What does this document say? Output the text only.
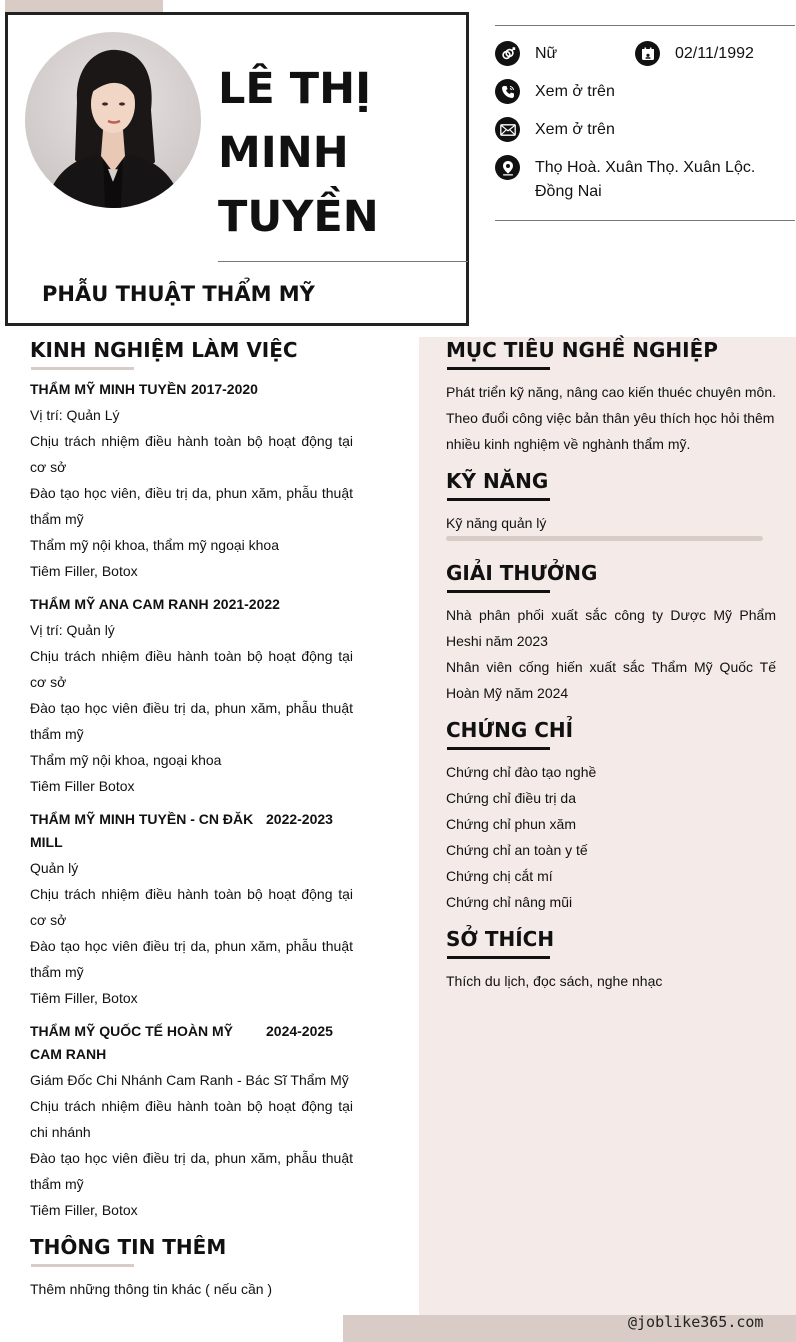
LÊ THỊ
MINH
TUYỀN
PHẪU THUẬT THẨM MỸ
Nữ	02/11/1992
Xem ở trên
Xem ở trên
Thọ Hoà. Xuân Thọ. Xuân Lộc.
Đồng Nai
KINH NGHIỆM LÀM VIỆC
THẨM MỸ MINH TUYỀN 2017-2020
Vị trí: Quản Lý
Chịu trách nhiệm điều hành toàn bộ hoạt động tại cơ sở
Đào tạo học viên, điều trị da, phun xăm, phẫu thuật thẩm mỹ
Thẩm mỹ nội khoa, thẩm mỹ ngoại khoa
Tiêm Filler, Botox
THẨM MỸ ANA CAM RANH 2021-2022
Vị trí: Quản lý
Chịu trách nhiệm điều hành toàn bộ hoạt động tại cơ sở
Đào tạo học viên điều trị da, phun xăm, phẫu thuật thẩm mỹ
Thẩm mỹ nội khoa, ngoại khoa
Tiêm Filler Botox
THẨM MỸ MINH TUYỀN - CN ĐĂK
MILL
2022-2023
Quản lý
Chịu trách nhiệm điều hành toàn bộ hoạt động tại cơ sở
Đào tạo học viên điều trị da, phun xăm, phẫu thuật thẩm mỹ
Tiêm Filler, Botox
THẨM MỸ QUỐC TẾ HOÀN MỸ
CAM RANH
2024-2025
Giám Đốc Chi Nhánh Cam Ranh - Bác Sĩ Thẩm Mỹ
Chịu trách nhiệm điều hành toàn bộ hoạt động tại chi nhánh
Đào tạo học viên điều trị da, phun xăm, phẫu thuật thẩm mỹ
Tiêm Filler, Botox
THÔNG TIN THÊM
Thêm những thông tin khác ( nếu cần )
MỤC TIÊU NGHỀ NGHIỆP
Phát triển kỹ năng, nâng cao kiến thuéc chuyên môn. Theo đuổi công việc bản thân yêu thích học hỏi thêm nhiều kinh nghiệm về nghành thẩm mỹ.
KỸ NĂNG
Kỹ năng quản lý
GIẢI THƯỞNG
Nhà phân phối xuất sắc công ty Dược Mỹ Phẩm Heshi năm 2023
Nhân viên cống hiến xuất sắc Thẩm Mỹ Quốc Tế Hoàn Mỹ năm 2024
CHỨNG CHỈ
Chứng chỉ đào tạo nghề
Chứng chỉ điều trị da
Chứng chỉ phun xăm
Chứng chỉ an toàn y tế
Chứng chị cắt mí
Chứng chỉ nâng mũi
SỞ THÍCH
Thích du lịch, đọc sách, nghe nhạc
@joblike365.com
